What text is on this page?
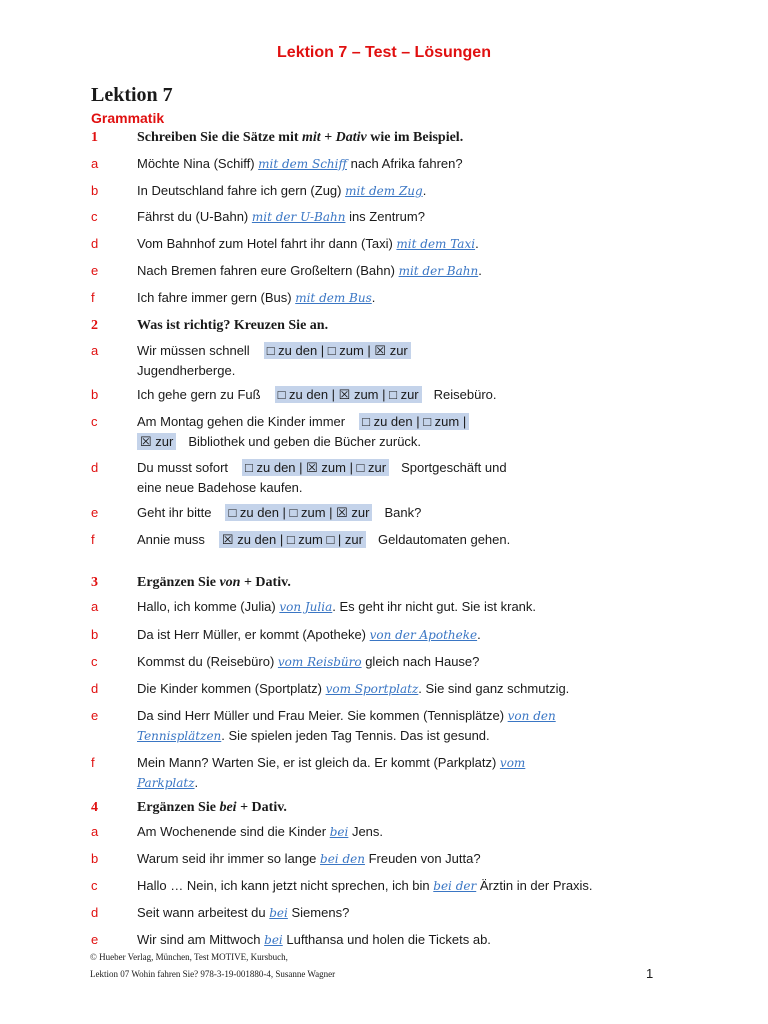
Lektion 7 – Test – Lösungen
Lektion 7
Grammatik
1	Schreiben Sie die Sätze mit mit + Dativ wie im Beispiel.
a	Möchte Nina (Schiff) mit dem Schiff nach Afrika fahren?
b	In Deutschland fahre ich gern (Zug) mit dem Zug.
c	Fährst du (U-Bahn) mit der U-Bahn ins Zentrum?
d	Vom Bahnhof zum Hotel fahrt ihr dann (Taxi) mit dem Taxi.
e	Nach Bremen fahren eure Großeltern (Bahn) mit der Bahn.
f	Ich fahre immer gern (Bus) mit dem Bus.
2	Was ist richtig? Kreuzen Sie an.
a	Wir müssen schnell □ zu den | □ zum | ☒ zur
Jugendherberge.
b	Ich gehe gern zu Fuß □ zu den | ☒ zum | □ zur Reisebüro.
c	Am Montag gehen die Kinder immer □ zu den | □ zum |
☒ zur Bibliothek und geben die Bücher zurück.
d	Du musst sofort □ zu den | ☒ zum | □ zur Sportgeschäft und
eine neue Badehose kaufen.
e	Geht ihr bitte □ zu den | □ zum | ☒ zur Bank?
f	Annie muss ☒ zu den | □ zum □ | zur Geldautomaten gehen.
3	Ergänzen Sie von + Dativ.
a	Hallo, ich komme (Julia) von Julia. Es geht ihr nicht gut. Sie ist krank.
b	Da ist Herr Müller, er kommt (Apotheke) von der Apotheke.
c	Kommst du (Reisebüro) vom Reisbüro gleich nach Hause?
d	Die Kinder kommen (Sportplatz) vom Sportplatz. Sie sind ganz schmutzig.
e	Da sind Herr Müller und Frau Meier. Sie kommen (Tennisplätze) von den
Tennisplätzen. Sie spielen jeden Tag Tennis. Das ist gesund.
f	Mein Mann? Warten Sie, er ist gleich da. Er kommt (Parkplatz) vom
Parkplatz.
4	Ergänzen Sie bei + Dativ.
a	Am Wochenende sind die Kinder bei Jens.
b	Warum seid ihr immer so lange bei den Freuden von Jutta?
c	Hallo … Nein, ich kann jetzt nicht sprechen, ich bin bei der Ärztin in der Praxis.
d	Seit wann arbeitest du bei Siemens?
e	Wir sind am Mittwoch bei Lufthansa und holen die Tickets ab.
© Hueber Verlag, München, Test MOTIVE, Kursbuch,
Lektion 07 Wohin fahren Sie? 978-3-19-001880-4, Susanne Wagner	1
